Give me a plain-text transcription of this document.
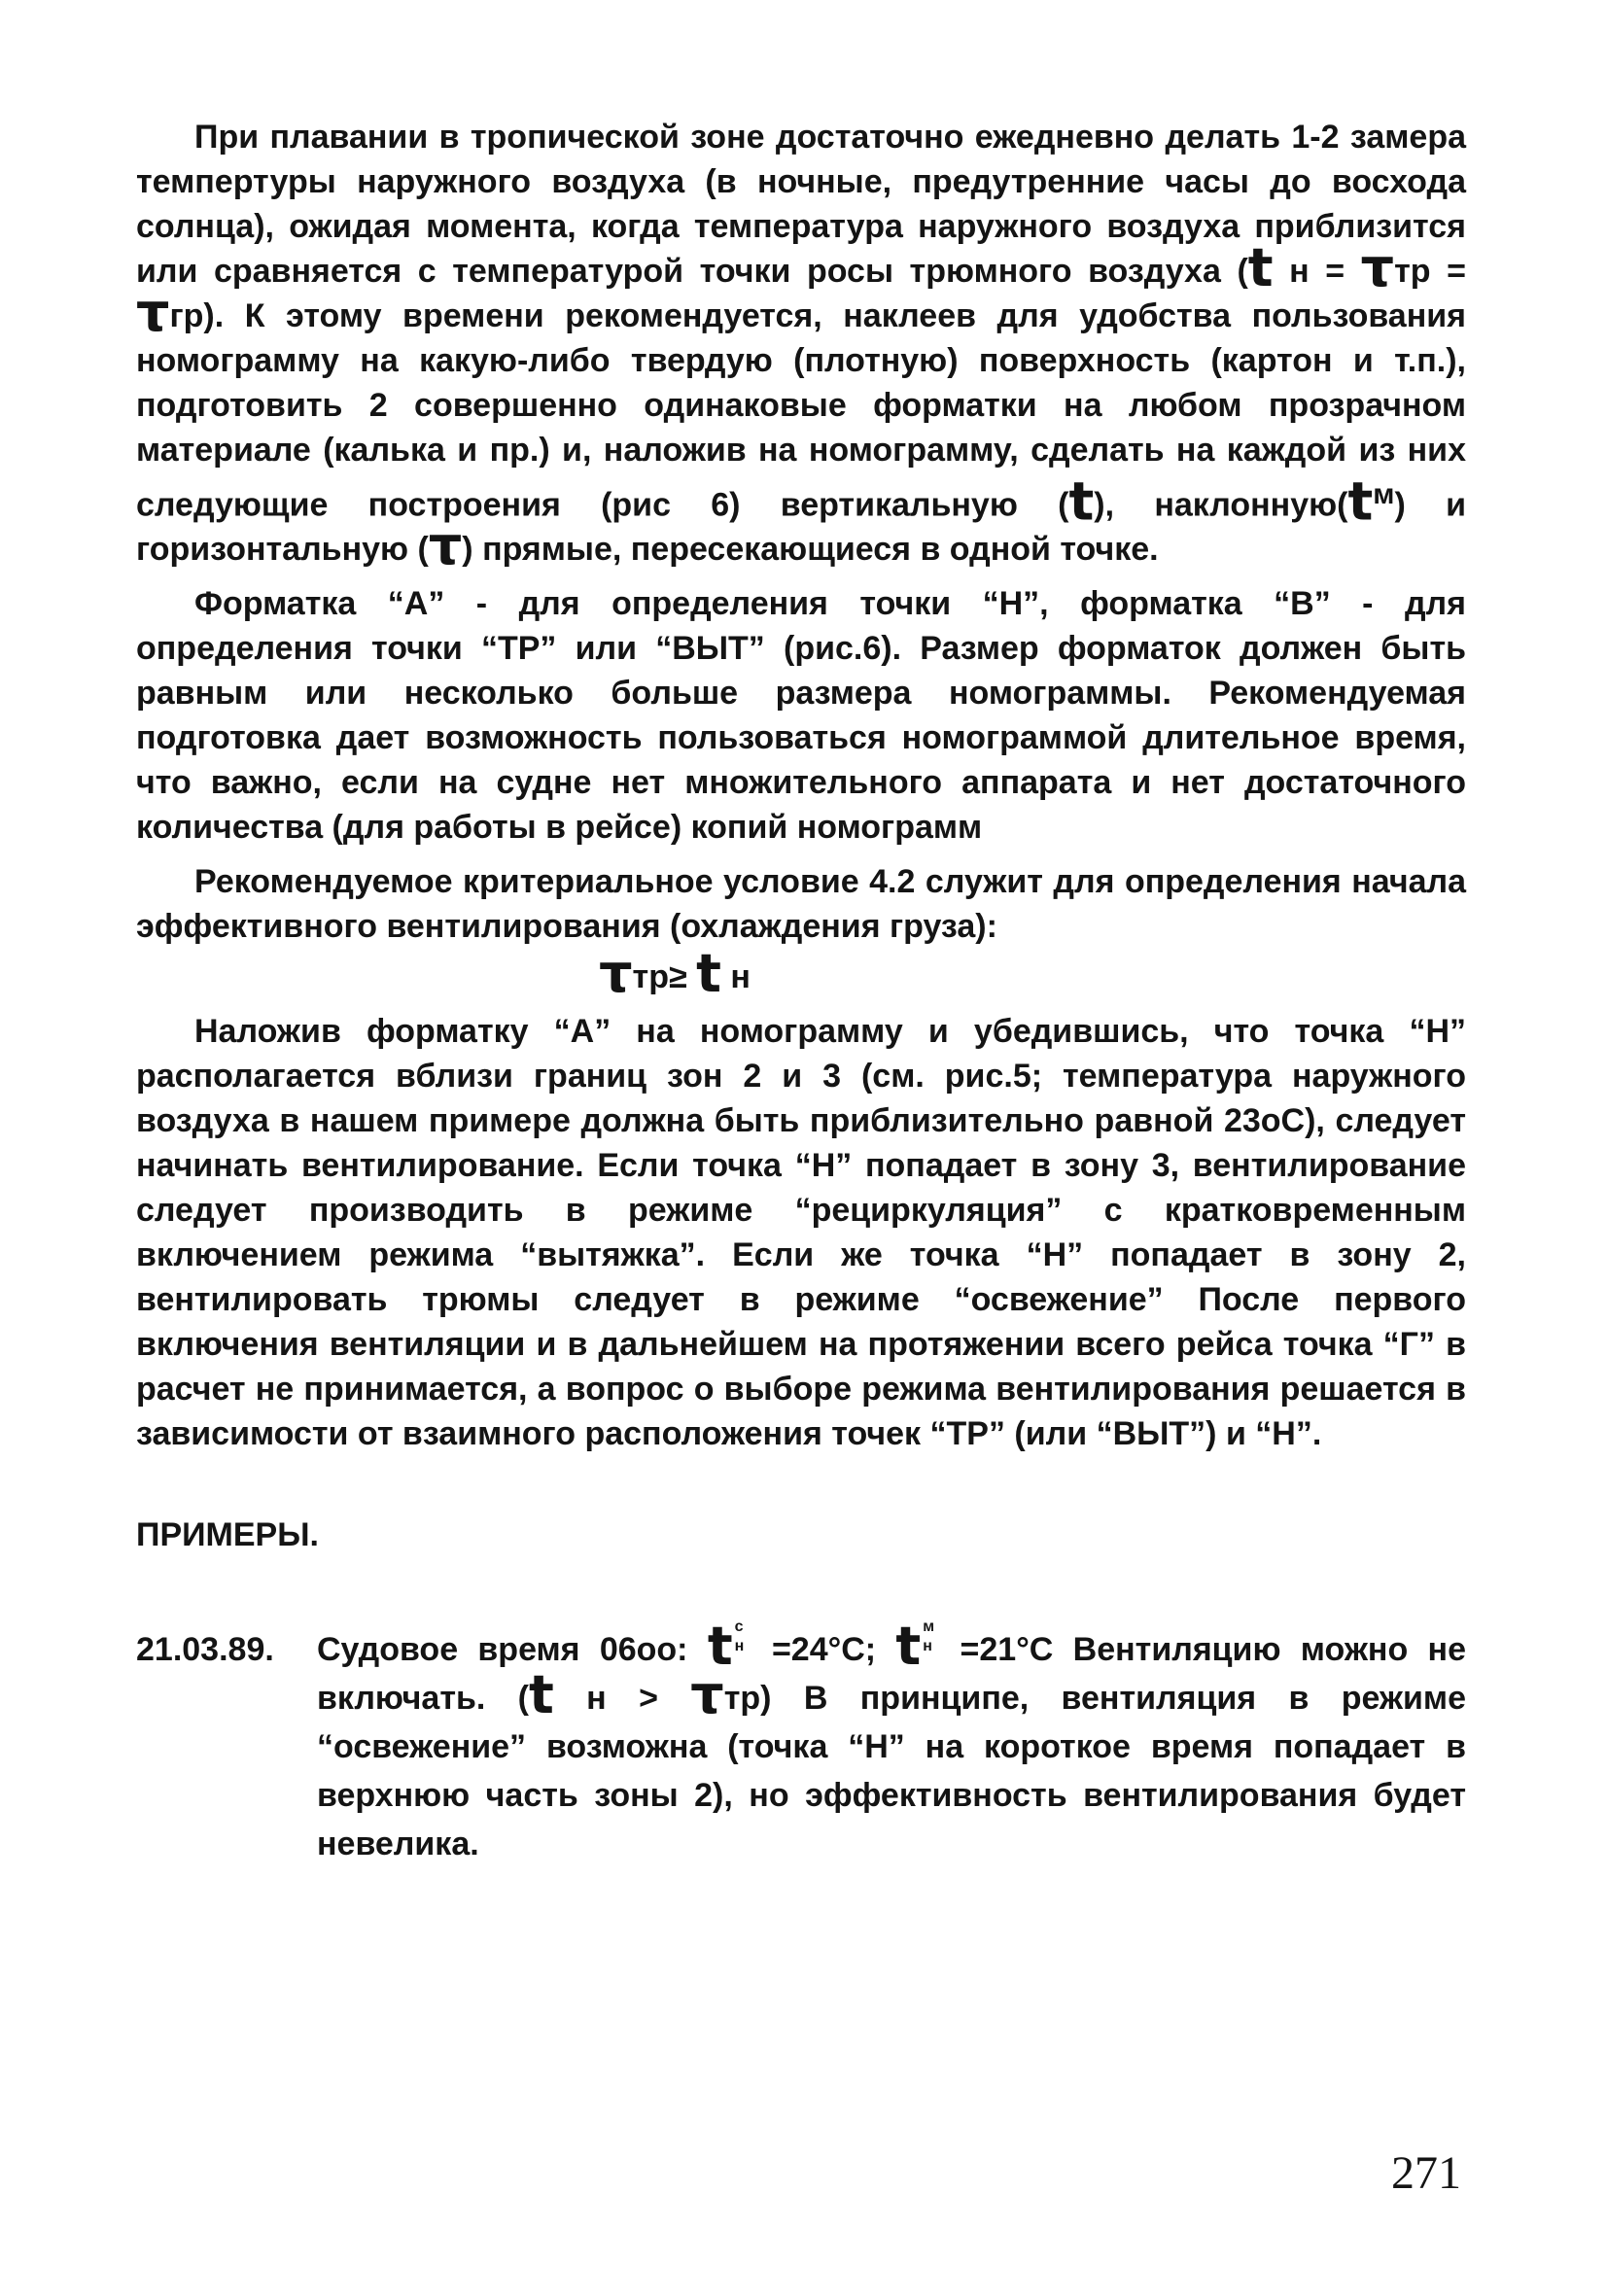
При плавании в тропической зоне достаточно ежедневно делать 1-2 замера темпертуры наружного воздуха (в ночные, предутренние часы до восхода солнца), ожидая момента, когда температура наружного воздуха приблизится или сравняется с температурой точки росы трюмного воздуха (t н = τтр = τгр). К этому времени рекомендуется, наклеев для удобства пользования номограмму на какую-либо твердую (плотную) поверхность (картон и т.п.), подготовить 2 совершенно одинаковые форматки на любом прозрачном материале (калька и пр.) и, наложив на номограмму, сделать на каждой из них следующие построения (рис 6) вертикальную (t), $наклонную(t^м)$ и горизонтальную (τ) прямые, пересекающиеся в одной точке.

Форматка “А” - для определения точки “Н”, форматка “В” - для определения точки “ТР” или “ВЫТ” (рис.6). Размер форматок должен быть равным или несколько больше размера номограммы. Рекомендуемая подготовка дает возможность пользоваться номограммой длительное время, что важно, если на судне нет множительного аппарата и нет достаточного количества (для работы в рейсе) копий номограмм

Рекомендуемое критериальное условие 4.2 служит для определения начала эффективного вентилирования (охлаждения груза):

τтр≥ t н

Наложив форматку “А” на номограмму и убедившись, что точка “Н” располагается вблизи границ зон 2 и 3 (см. рис.5; температура наружного воздуха в нашем примере должна быть приблизительно равной 23оС), следует начинать вентилирование. Если точка “Н” попадает в зону 3, вентилирование следует производить в режиме “рециркуляция” с кратковременным включением режима “вытяжка”. Если же точка “Н” попадает в зону 2, вентилировать трюмы следует в режиме “освежение” После первого включения вентиляции и в дальнейшем на протяжении всего рейса точка “Г” в расчет не принимается, а вопрос о выборе режима вентилирования решается в зависимости от взаимного расположения точек “ТР” (или “ВЫТ”) и “Н”.

ПРИМЕРЫ.
21.03.89. Судовое время 06оо: t с
н =24°С; t м
н =21°С Вентиляцию можно не включать. (t н > τтр) В принципе, вентиляция в режиме “освежение” возможна (точка “Н” на короткое время попадает в верхнюю часть зоны 2), но эффективность вентилирования будет невелика.
271
